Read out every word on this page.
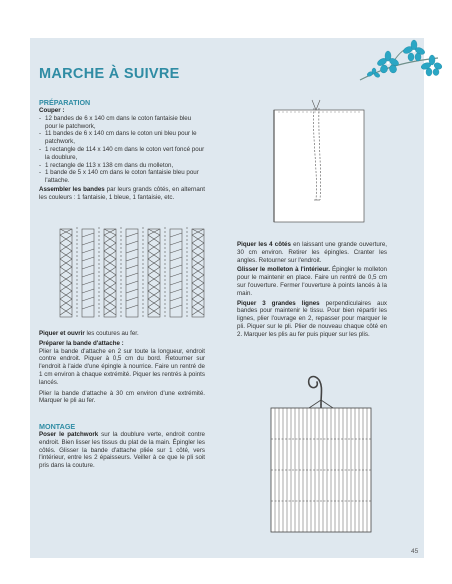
MARCHE À SUIVRE

PRÉPARATION

Couper :

- 12 bandes de 6 x 140 cm dans le coton fantaisie bleu pour le patchwork,
- 11 bandes de 6 x 140 cm dans le coton uni bleu pour le patchwork,
- 1 rectangle de 114 x 140 cm dans le coton vert foncé pour la doublure,
- 1 rectangle de 113 x 138 cm dans du molleton,
- 1 bande de 5 x 140 cm dans le coton fantaisie bleu pour l'attache.

Assembler les bandes par leurs grands côtés, en alternant les couleurs : 1 fantaisie, 1 bleue, 1 fantaisie, etc.

Piquer et ouvrir les coutures au fer.

Préparer la bande d'attache :

Plier la bande d'attache en 2 sur toute la longueur, endroit contre endroit. Piquer à 0,5 cm du bord. Retourner sur l'endroit à l'aide d'une épingle à nourrice. Faire un rentré de 1 cm environ à chaque extrémité. Piquer les rentrés à points lancés.

Plier la bande d'attache à 30 cm environ d'une extrémité. Marquer le pli au fer.

MONTAGE

Poser le patchwork sur la doublure verte, endroit contre endroit. Bien lisser les tissus du plat de la main. Épingler les côtés. Glisser la bande d'attache pliée sur 1 côté, vers l'intérieur, entre les 2 épaisseurs. Veiller à ce que le pli soit pris dans la couture.

Piquer les 4 côtés en laissant une grande ouverture, 30 cm environ. Retirer les épingles. Cranter les angles. Retourner sur l'endroit.

Glisser le molleton à l'intérieur. Épingler le molleton pour le maintenir en place. Faire un rentré de 0,5 cm sur l'ouverture. Fermer l'ouverture à points lancés à la main.

Piquer 3 grandes lignes perpendiculaires aux bandes pour maintenir le tissu. Pour bien répartir les lignes, plier l'ouvrage en 2, repasser pour marquer le pli. Piquer sur le pli. Plier de nouveau chaque côté en 2. Marquer les plis au fer puis piquer sur les plis.

45
